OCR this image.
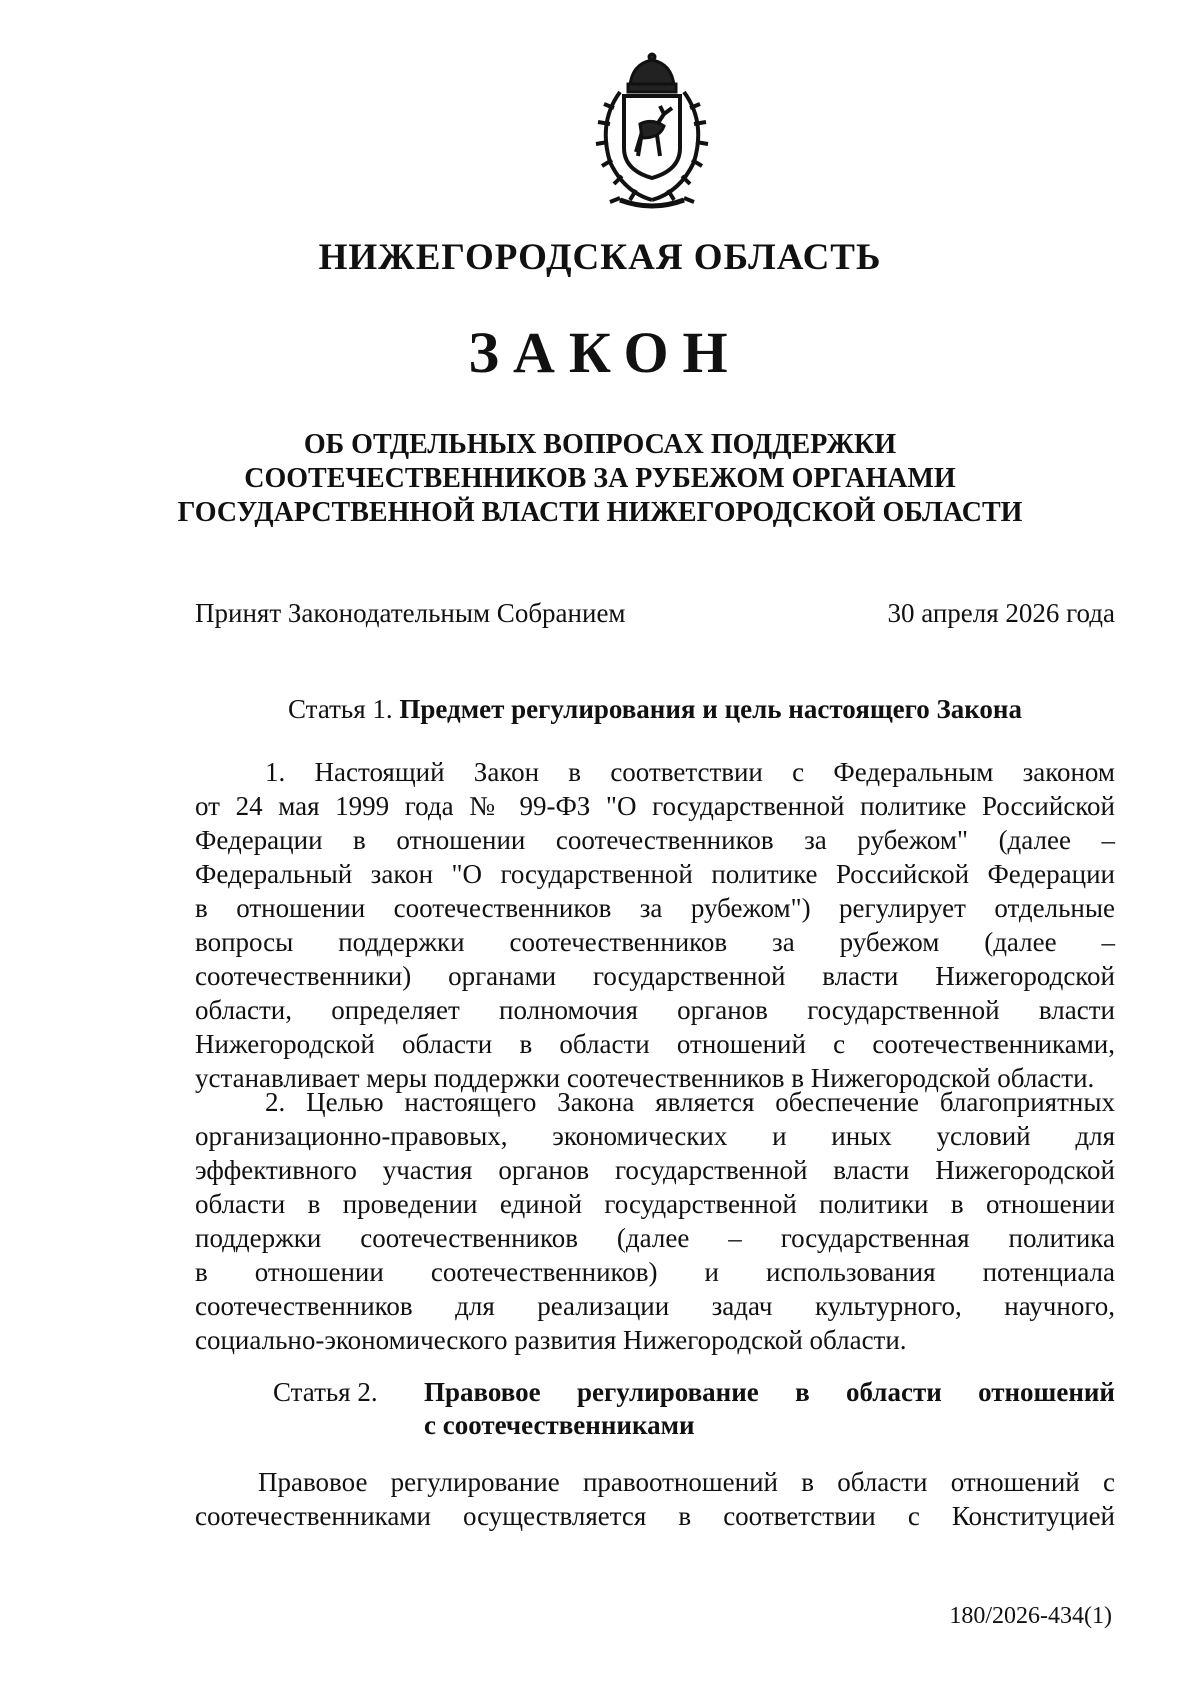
НИЖЕГОРОДСКАЯ ОБЛАСТЬ
ЗАКОН
ОБ ОТДЕЛЬНЫХ ВОПРОСАХ ПОДДЕРЖКИ
СООТЕЧЕСТВЕННИКОВ ЗА РУБЕЖОМ ОРГАНАМИ
ГОСУДАРСТВЕННОЙ ВЛАСТИ НИЖЕГОРОДСКОЙ ОБЛАСТИ
Принят Законодательным Собранием	30 апреля 2026 года
Статья 1. Предмет регулирования и цель настоящего Закона
1. Настоящий Закон в соответствии с Федеральным законом
от 24 мая 1999 года № 99-ФЗ "О государственной политике Российской
Федерации в отношении соотечественников за рубежом" (далее –
Федеральный закон "О государственной политике Российской Федерации
в отношении соотечественников за рубежом") регулирует отдельные
вопросы поддержки соотечественников за рубежом (далее –
соотечественники) органами государственной власти Нижегородской
области, определяет полномочия органов государственной власти
Нижегородской области в области отношений с соотечественниками,
устанавливает меры поддержки соотечественников в Нижегородской области.
2. Целью настоящего Закона является обеспечение благоприятных
организационно-правовых, экономических и иных условий для
эффективного участия органов государственной власти Нижегородской
области в проведении единой государственной политики в отношении
поддержки соотечественников (далее – государственная политика
в отношении соотечественников) и использования потенциала
соотечественников для реализации задач культурного, научного,
социально-экономического развития Нижегородской области.
Статья 2.	Правовое регулирование в области отношений
с соотечественниками
Правовое регулирование правоотношений в области отношений с
соотечественниками осуществляется в соответствии с Конституцией
180/2026-434(1)
